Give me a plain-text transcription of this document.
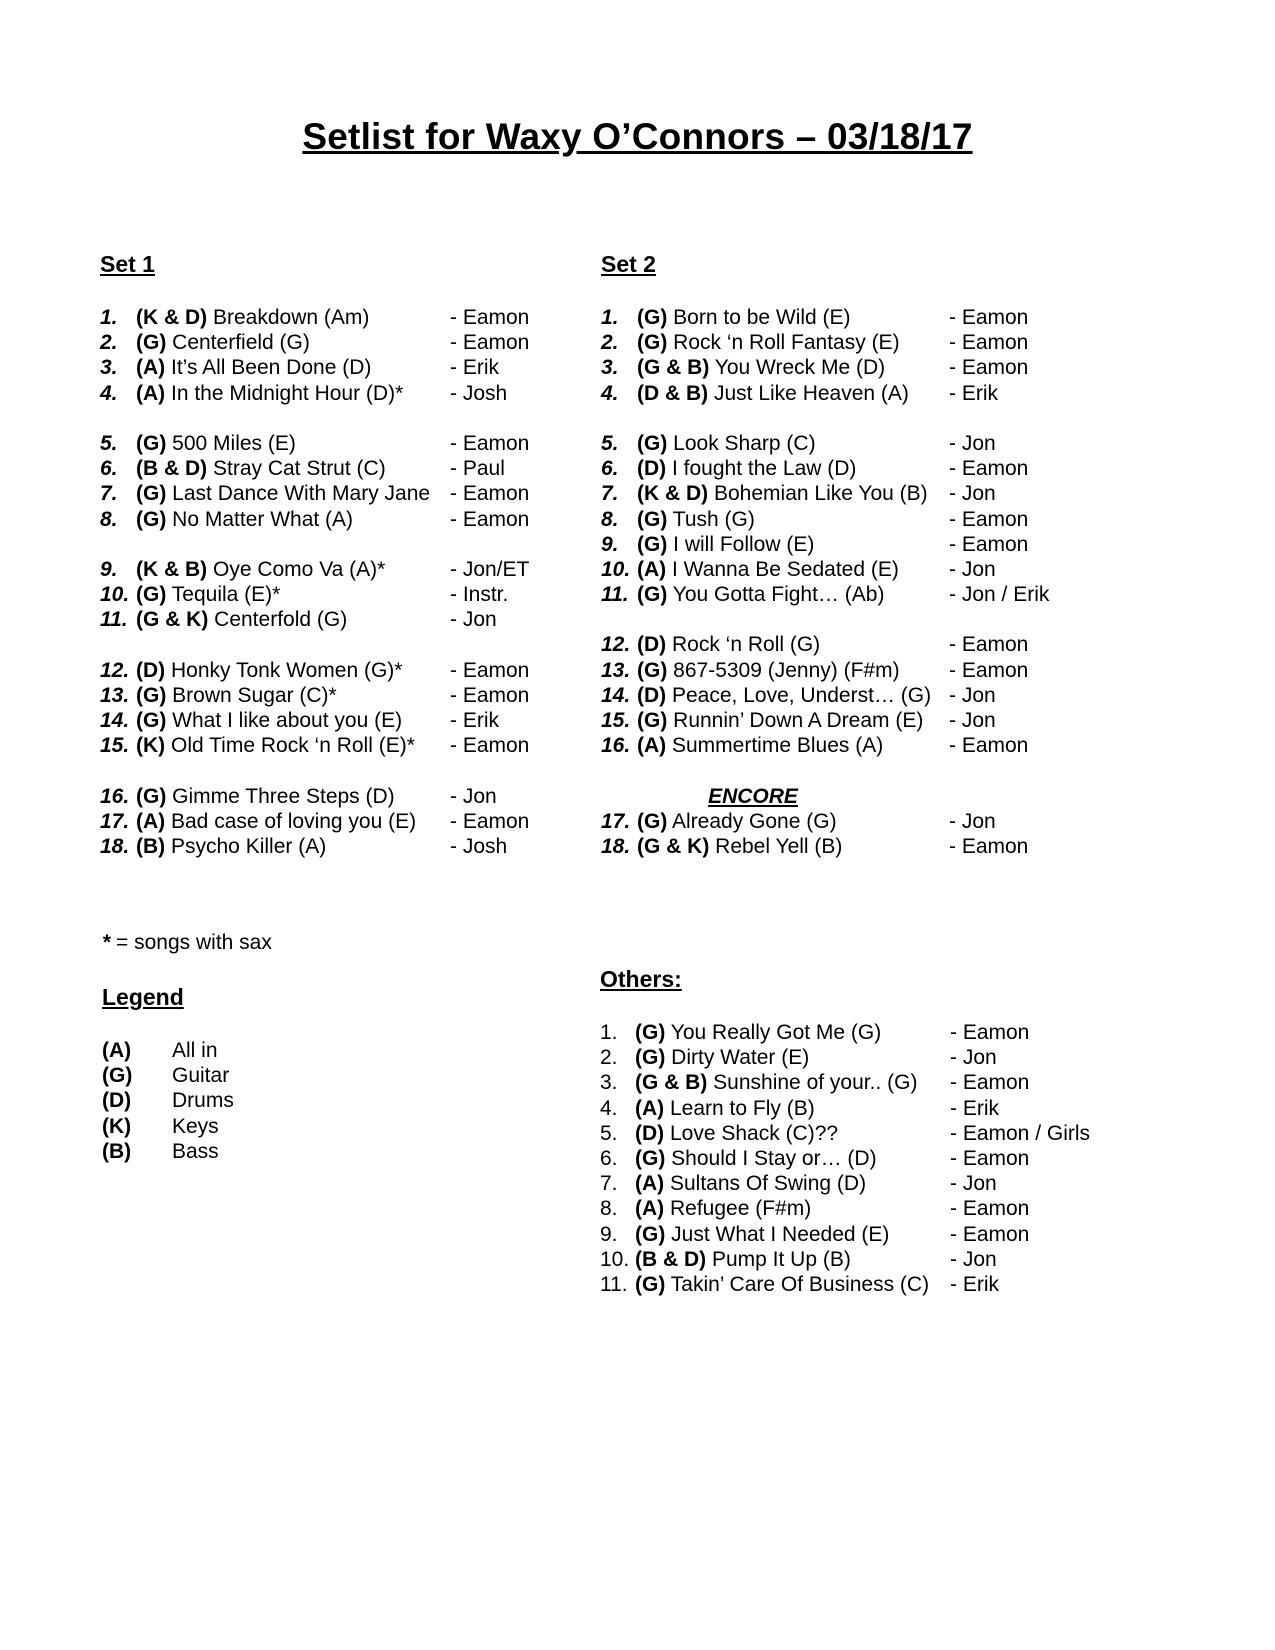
Setlist for Waxy O’Connors – 03/18/17
Set 1
1. (K & D) Breakdown (Am)	- Eamon
2. (G) Centerfield (G)	- Eamon
3. (A) It’s All Been Done (D)	- Erik
4. (A) In the Midnight Hour (D)* - Josh
5. (G) 500 Miles (E)	- Eamon
6. (B & D) Stray Cat Strut (C)	- Paul
7. (G) Last Dance With Mary Jane - Eamon
8. (G) No Matter What (A)	- Eamon
9. (K & B) Oye Como Va (A)*	- Jon/ET
10. (G) Tequila (E)*	- Instr.
11. (G & K) Centerfold (G)	- Jon
12. (D) Honky Tonk Women (G)* - Eamon
13. (G) Brown Sugar (C)*	- Eamon
14. (G) What I like about you (E) - Erik
15. (K) Old Time Rock ‘n Roll (E)* - Eamon
16. (G) Gimme Three Steps (D)	- Jon
17. (A) Bad case of loving you (E) - Eamon
18. (B) Psycho Killer (A)	- Josh
Set 2
1. (G) Born to be Wild (E)	- Eamon
2. (G) Rock ‘n Roll Fantasy (E) - Eamon
3. (G & B) You Wreck Me (D)	- Eamon
4. (D & B) Just Like Heaven (A) - Erik
5. (G) Look Sharp (C)	- Jon
6. (D) I fought the Law (D)	- Eamon
7. (K & D) Bohemian Like You (B) - Jon
8. (G) Tush (G)	- Eamon
9. (G) I will Follow (E)	- Eamon
10. (A) I Wanna Be Sedated (E) - Jon
11. (G) You Gotta Fight… (Ab)	- Jon / Erik
12. (D) Rock ‘n Roll (G)	- Eamon
13. (G) 867-5309 (Jenny) (F#m) - Eamon
14. (D) Peace, Love, Underst… (G) - Jon
15. (G) Runnin’ Down A Dream (E) - Jon
16. (A) Summertime Blues (A)	- Eamon
ENCORE
17. (G) Already Gone (G)	- Jon
18. (G & K) Rebel Yell (B)	- Eamon
* = songs with sax
Legend
(A) All in
(G) Guitar
(D) Drums
(K) Keys
(B) Bass
Others:
1. (G) You Really Got Me (G)	- Eamon
2. (G) Dirty Water (E)	- Jon
3. (G & B) Sunshine of your.. (G) - Eamon
4. (A) Learn to Fly (B)	- Erik
5. (D) Love Shack (C)??	- Eamon / Girls
6. (G) Should I Stay or… (D)	- Eamon
7. (A) Sultans Of Swing (D)	- Jon
8. (A) Refugee (F#m)	- Eamon
9. (G) Just What I Needed (E)	- Eamon
10. (B & D) Pump It Up (B)	- Jon
11. (G) Takin’ Care Of Business (C) - Erik
